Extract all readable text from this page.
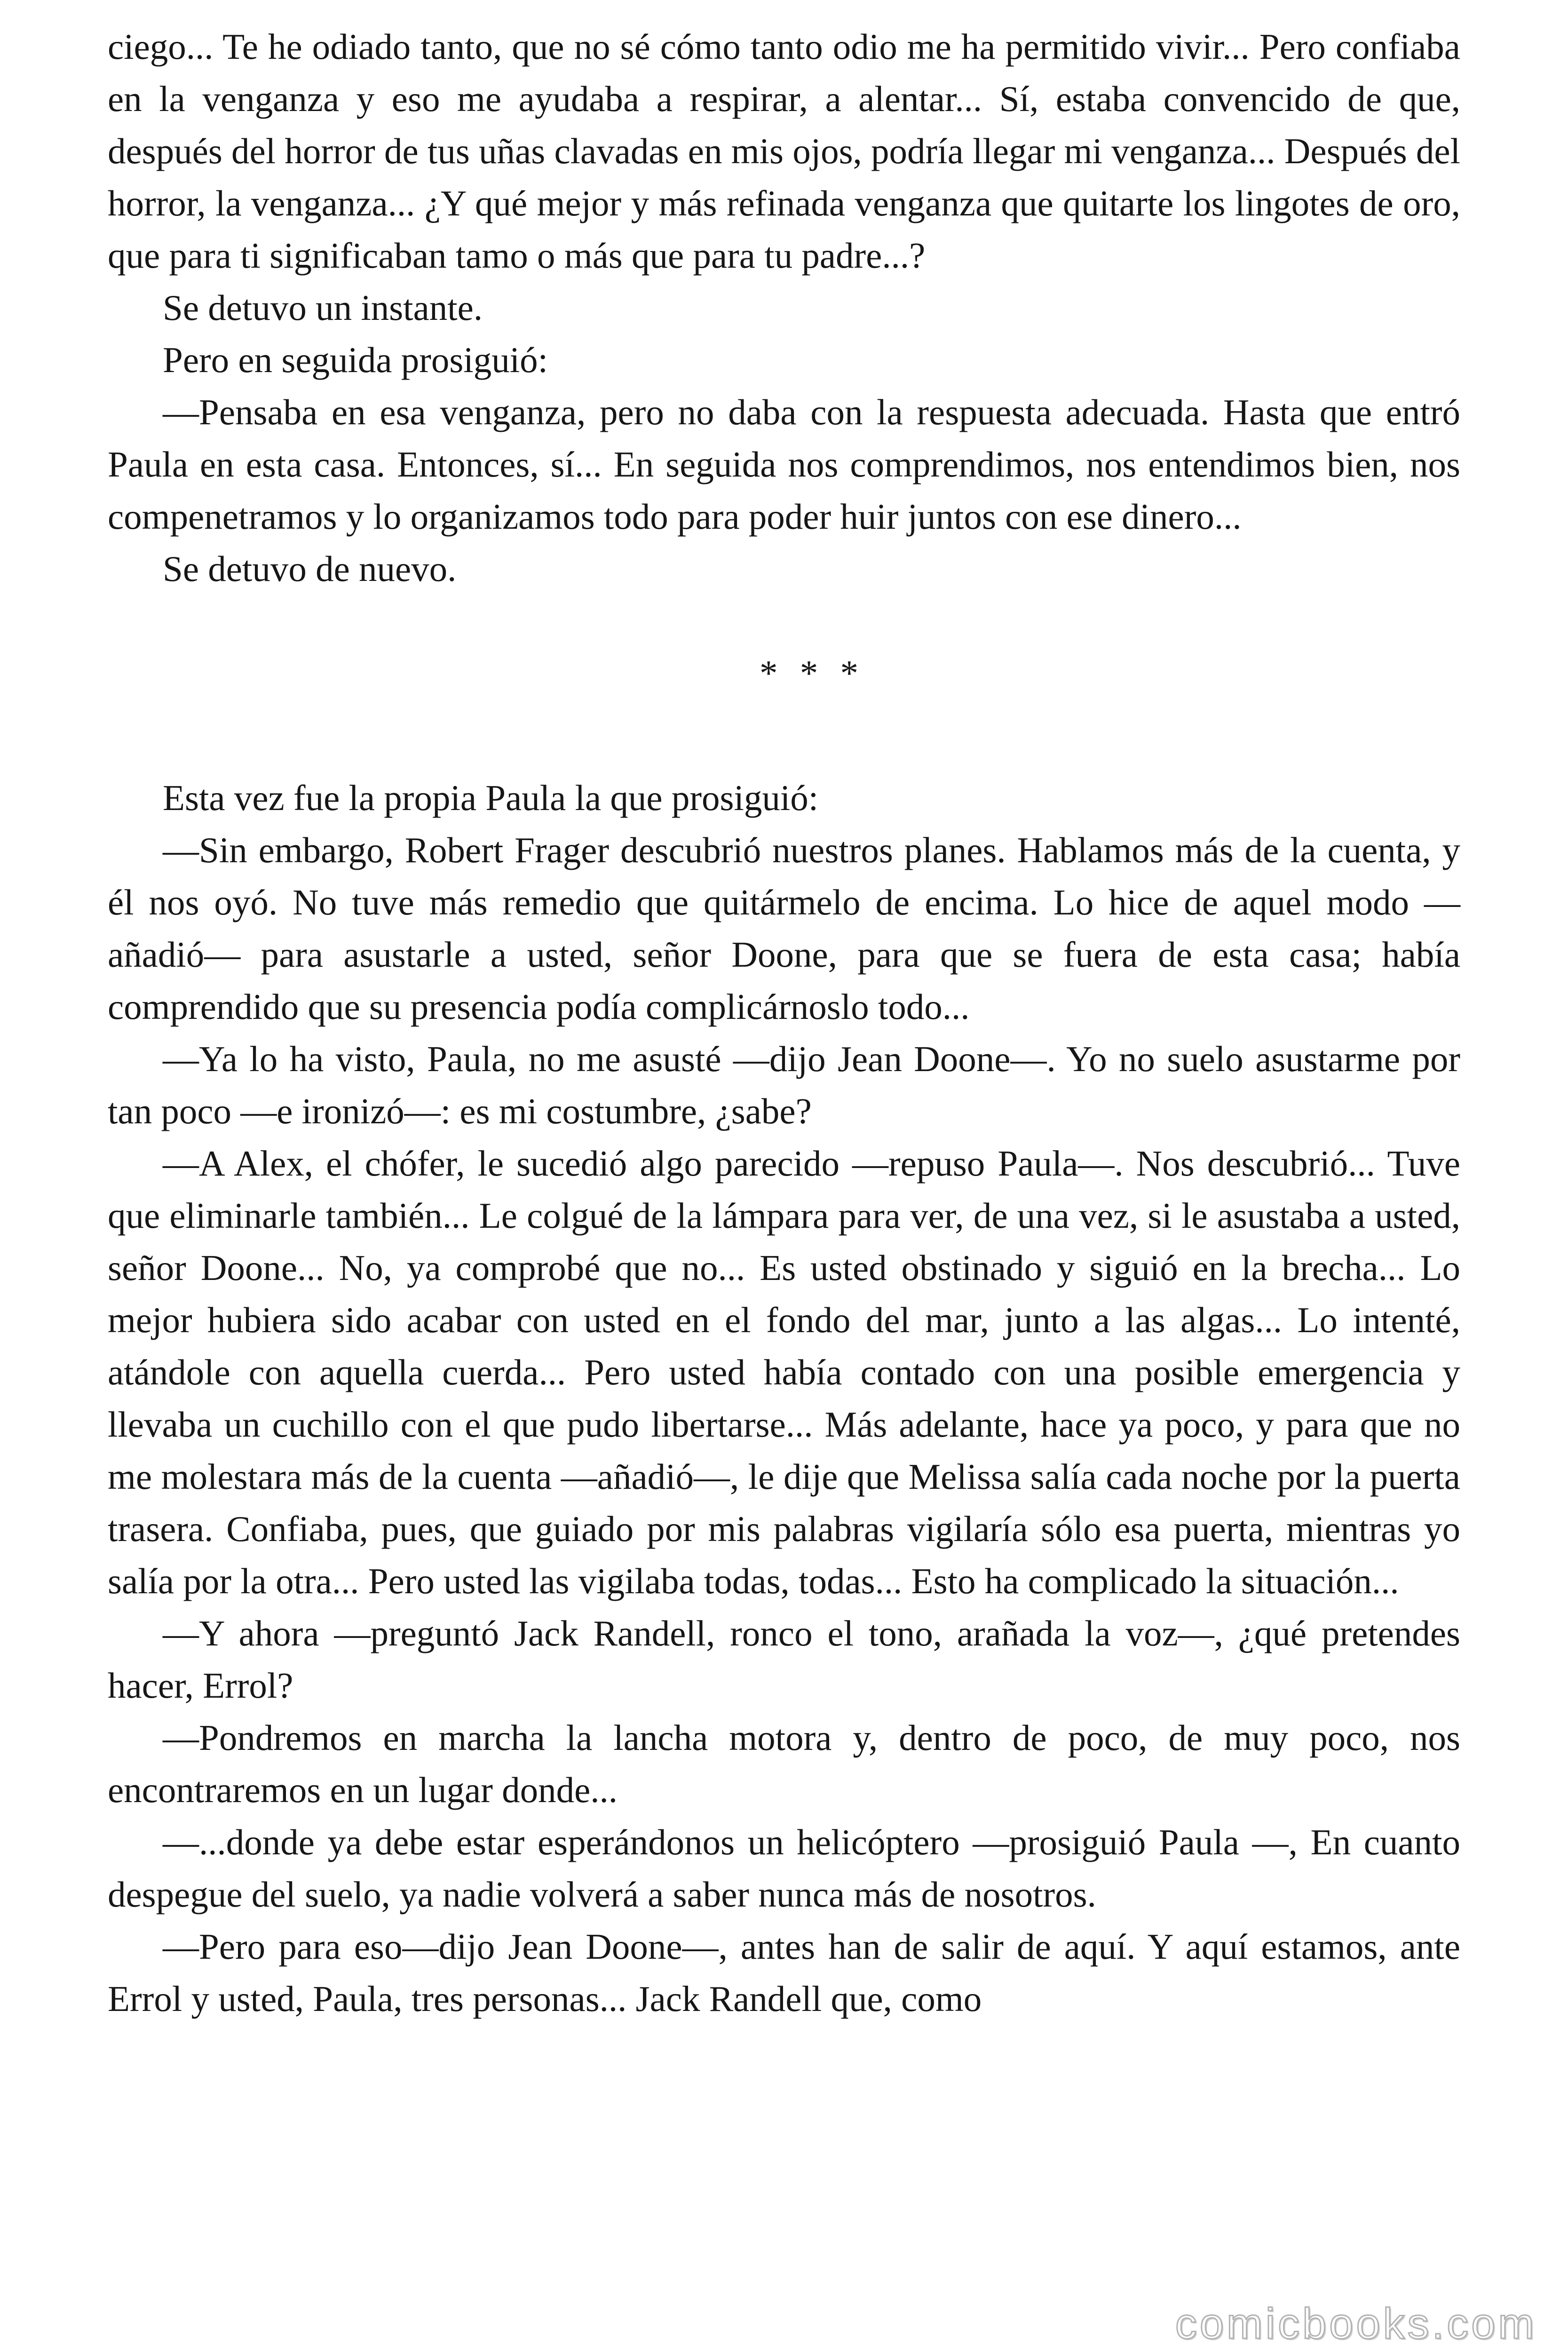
ciego... Te he odiado tanto, que no sé cómo tanto odio me ha permitido vivir... Pero confiaba en la venganza y eso me ayudaba a respirar, a alentar... Sí, estaba convencido de que, después del horror de tus uñas clavadas en mis ojos, podría llegar mi venganza... Después del horror, la venganza... ¿Y qué mejor y más refinada venganza que quitarte los lingotes de oro, que para ti significaban tamo o más que para tu padre...?

Se detuvo un instante.

Pero en seguida prosiguió:

—Pensaba en esa venganza, pero no daba con la respuesta adecuada. Hasta que entró Paula en esta casa. Entonces, sí... En seguida nos comprendimos, nos entendimos bien, nos compenetramos y lo organizamos todo para poder huir juntos con ese dinero...

Se detuvo de nuevo.

* * *

Esta vez fue la propia Paula la que prosiguió:

—Sin embargo, Robert Frager descubrió nuestros planes. Hablamos más de la cuenta, y él nos oyó. No tuve más remedio que quitármelo de encima. Lo hice de aquel modo —añadió— para asustarle a usted, señor Doone, para que se fuera de esta casa; había comprendido que su presencia podía complicárnoslo todo...

—Ya lo ha visto, Paula, no me asusté —dijo Jean Doone—. Yo no suelo asustarme por tan poco —e ironizó—: es mi costumbre, ¿sabe?

—A Alex, el chófer, le sucedió algo parecido —repuso Paula—. Nos descubrió... Tuve que eliminarle también... Le colgué de la lámpara para ver, de una vez, si le asustaba a usted, señor Doone... No, ya comprobé que no... Es usted obstinado y siguió en la brecha... Lo mejor hubiera sido acabar con usted en el fondo del mar, junto a las algas... Lo intenté, atándole con aquella cuerda... Pero usted había contado con una posible emergencia y llevaba un cuchillo con el que pudo libertarse... Más adelante, hace ya poco, y para que no me molestara más de la cuenta —añadió—, le dije que Melissa salía cada noche por la puerta trasera. Confiaba, pues, que guiado por mis palabras vigilaría sólo esa puerta, mientras yo salía por la otra... Pero usted las vigilaba todas, todas... Esto ha complicado la situación...

—Y ahora —preguntó Jack Randell, ronco el tono, arañada la voz—, ¿qué pretendes hacer, Errol?

—Pondremos en marcha la lancha motora y, dentro de poco, de muy poco, nos encontraremos en un lugar donde...

—...donde ya debe estar esperándonos un helicóptero —prosiguió Paula —, En cuanto despegue del suelo, ya nadie volverá a saber nunca más de nosotros.

—Pero para eso—dijo Jean Doone—, antes han de salir de aquí. Y aquí estamos, ante Errol y usted, Paula, tres personas... Jack Randell que, como

comicbooks.com
